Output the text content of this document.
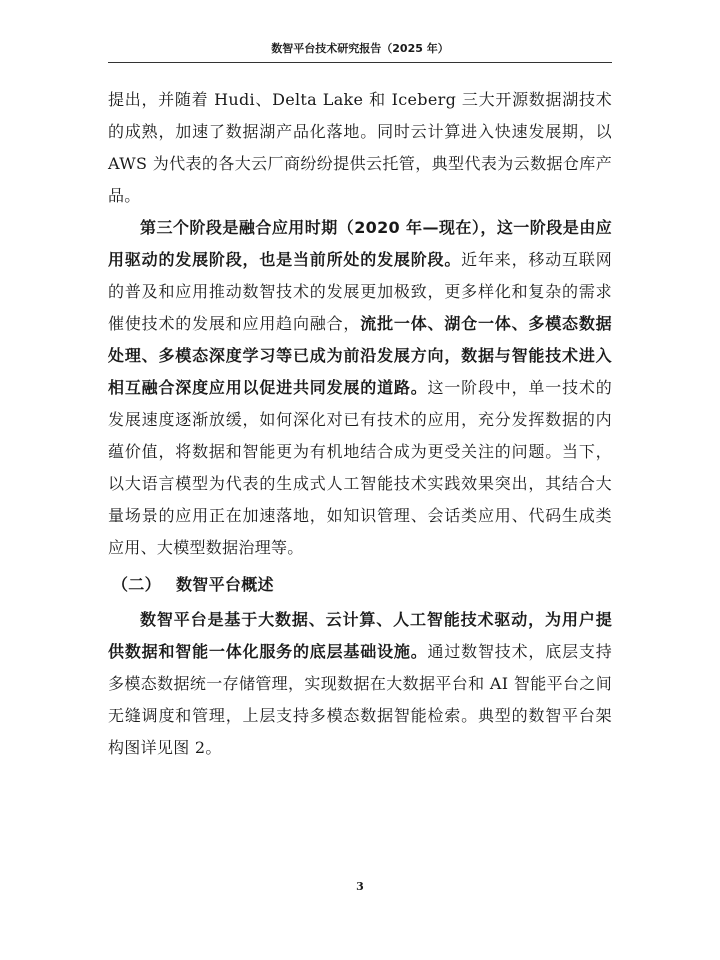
数智平台技术研究报告（2025 年）

提出，并随着 Hudi、Delta Lake 和 Iceberg 三大开源数据湖技术的成熟，加速了数据湖产品化落地。同时云计算进入快速发展期，以 AWS 为代表的各大云厂商纷纷提供云托管，典型代表为云数据仓库产品。

第三个阶段是融合应用时期（2020 年—现在），这一阶段是由应用驱动的发展阶段，也是当前所处的发展阶段。近年来，移动互联网的普及和应用推动数智技术的发展更加极致，更多样化和复杂的需求催使技术的发展和应用趋向融合，流批一体、湖仓一体、多模态数据处理、多模态深度学习等已成为前沿发展方向，数据与智能技术进入相互融合深度应用以促进共同发展的道路。这一阶段中，单一技术的发展速度逐渐放缓，如何深化对已有技术的应用，充分发挥数据的内蕴价值，将数据和智能更为有机地结合成为更受关注的问题。当下，以大语言模型为代表的生成式人工智能技术实践效果突出，其结合大量场景的应用正在加速落地，如知识管理、会话类应用、代码生成类应用、大模型数据治理等。

（二） 数智平台概述

数智平台是基于大数据、云计算、人工智能技术驱动，为用户提供数据和智能一体化服务的底层基础设施。通过数智技术，底层支持多模态数据统一存储管理，实现数据在大数据平台和 AI 智能平台之间无缝调度和管理，上层支持多模态数据智能检索。典型的数智平台架构图详见图 2。

3
